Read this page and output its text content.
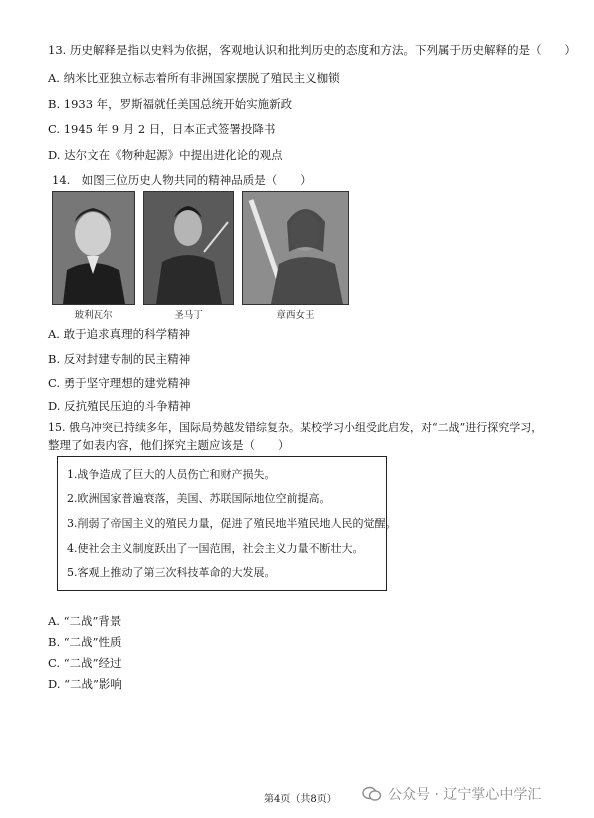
13. 历史解释是指以史料为依据，客观地认识和批判历史的态度和方法。下列属于历史解释的是（　　）
A. 纳米比亚独立标志着所有非洲国家摆脱了殖民主义枷锁
B. 1933 年，罗斯福就任美国总统开始实施新政
C. 1945 年 9 月 2 日，日本正式签署投降书
D. 达尔文在《物种起源》中提出进化论的观点
14.　如图三位历史人物共同的精神品质是（　　）
玻利瓦尔	圣马丁	章西女王
A. 敢于追求真理的科学精神
B. 反对封建专制的民主精神
C. 勇于坚守理想的建党精神
D. 反抗殖民压迫的斗争精神
15. 俄乌冲突已持续多年，国际局势越发错综复杂。某校学习小组受此启发，对“二战”进行探究学习，
整理了如表内容，他们探究主题应该是（　　）
1.战争造成了巨大的人员伤亡和财产损失。
2.欧洲国家普遍衰落，美国、苏联国际地位空前提高。
3.削弱了帝国主义的殖民力量，促进了殖民地半殖民地人民的觉醒。
4.使社会主义制度跃出了一国范围，社会主义力量不断壮大。
5.客观上推动了第三次科技革命的大发展。
A. “二战”背景
B. “二战”性质
C. “二战”经过
D. “二战”影响
第4页（共8页）	公众号 · 辽宁掌心中学汇
